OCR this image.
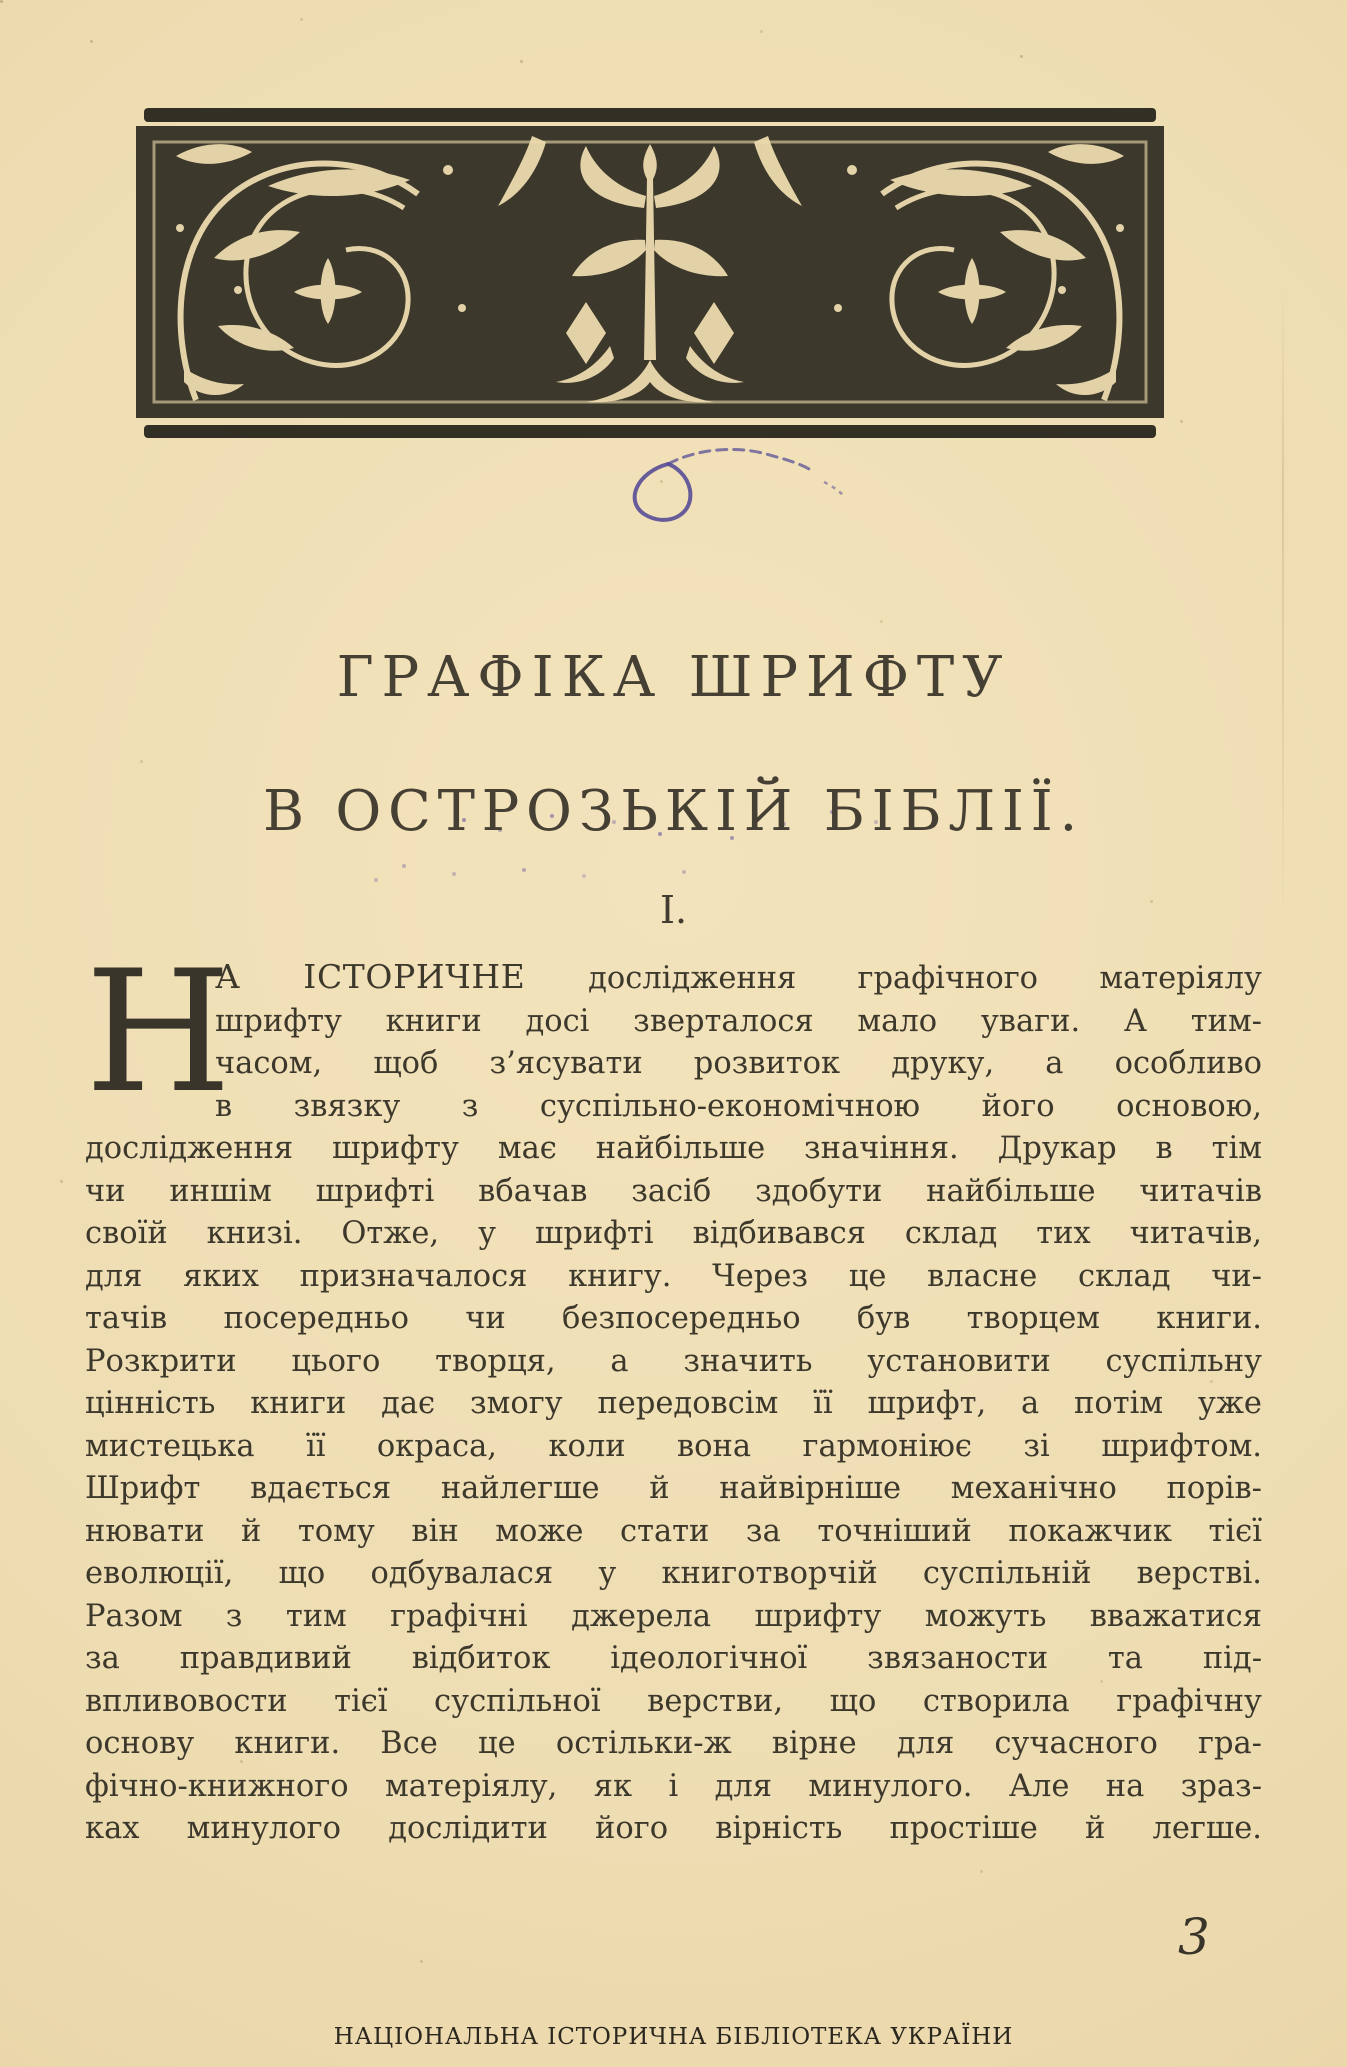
ГРАФІКА ШРИФТУ
В ОСТРОЗЬКІЙ БІБЛІЇ.
I.
Н
А ІСТОРИЧНЕ дослідження графічного матеріялу
шрифту книги досі зверталося мало уваги. А тим-
часом, щоб з’ясувати розвиток друку, а особливо
в звязку з суспільно-економічною його основою,
дослідження шрифту має найбільше значіння. Друкар в тім
чи иншім шрифті вбачав засіб здобути найбільше читачів
своїй книзі. Отже, у шрифті відбивався склад тих читачів,
для яких призначалося книгу. Через це власне склад чи-
тачів посередньо чи безпосередньо був творцем книги.
Розкрити цього творця, а значить установити суспільну
цінність книги дає змогу передовсім її шрифт, а потім уже
мистецька її окраса, коли вона гармоніює зі шрифтом.
Шрифт вдається найлегше й найвірніше механічно порів-
нювати й тому він може стати за точніший покажчик тієї
еволюції, що одбувалася у книготворчій суспільній верстві.
Разом з тим графічні джерела шрифту можуть вважатися
за правдивий відбиток ідеологічної звязаности та під-
впливовости тієї суспільної верстви, що створила графічну
основу книги. Все це остільки-ж вірне для сучасного гра-
фічно-книжного матеріялу, як і для минулого. Але на зраз-
ках минулого дослідити його вірність простіше й легше.
3
НАЦІОНАЛЬНА ІСТОРИЧНА БІБЛІОТЕКА УКРАЇНИ
